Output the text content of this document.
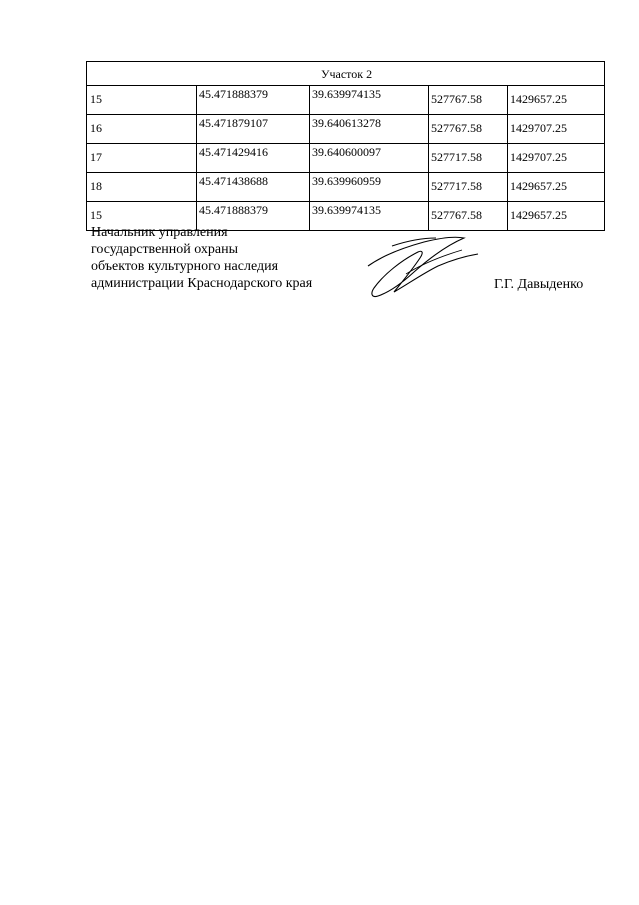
Участок 2				
15	45.471888379	39.639974135	527767.58	1429657.25
16	45.471879107	39.640613278	527767.58	1429707.25
17	45.471429416	39.640600097	527717.58	1429707.25
18	45.471438688	39.639960959	527717.58	1429657.25
15	45.471888379	39.639974135	527767.58	1429657.25
Начальник управления
государственной охраны
объектов культурного наследия
администрации Краснодарского края	Г.Г. Давыденко
